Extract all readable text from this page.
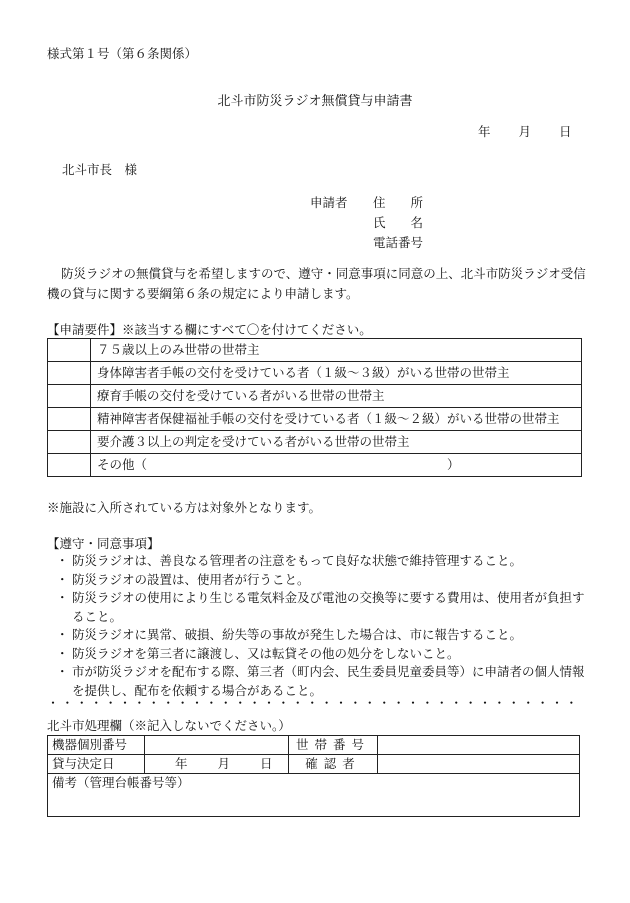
様式第１号（第６条関係）
北斗市防災ラジオ無償貸与申請書
年 月 日
北斗市長　様
申請者 住　　所
氏　　名
電話番号
防災ラジオの無償貸与を希望しますので、遵守・同意事項に同意の上、北斗市防災ラジオ受信機の貸与に関する要綱第６条の規定により申請します。
【申請要件】※該当する欄にすべて〇を付けてください。
	７５歳以上のみ世帯の世帯主
	身体障害者手帳の交付を受けている者（１級～３級）がいる世帯の世帯主
	療育手帳の交付を受けている者がいる世帯の世帯主
	精神障害者保健福祉手帳の交付を受けている者（１級～２級）がいる世帯の世帯主
	要介護３以上の判定を受けている者がいる世帯の世帯主
	その他（　　　　　　　　　　　　　　　　　　　　　　　　）
※施設に入所されている方は対象外となります。
【遵守・同意事項】
・ 防災ラジオは、善良なる管理者の注意をもって良好な状態で維持管理すること。
・ 防災ラジオの設置は、使用者が行うこと。
・ 防災ラジオの使用により生じる電気料金及び電池の交換等に要する費用は、使用者が負担すること。
・ 防災ラジオに異常、破損、紛失等の事故が発生した場合は、市に報告すること。
・ 防災ラジオを第三者に譲渡し、又は転貸その他の処分をしないこと。
・ 市が防災ラジオを配布する際、第三者（町内会、民生委員児童委員等）に申請者の個人情報を提供し、配布を依頼する場合があること。
・・・・・・・・・・・・・・・・・・・・・・・・・・・・・・・・・・・・・
北斗市処理欄（※記入しないでください。）
機器個別番号		世帯番号	
貸与決定日	年 月 日	確認者	
備考（管理台帳番号等）			
